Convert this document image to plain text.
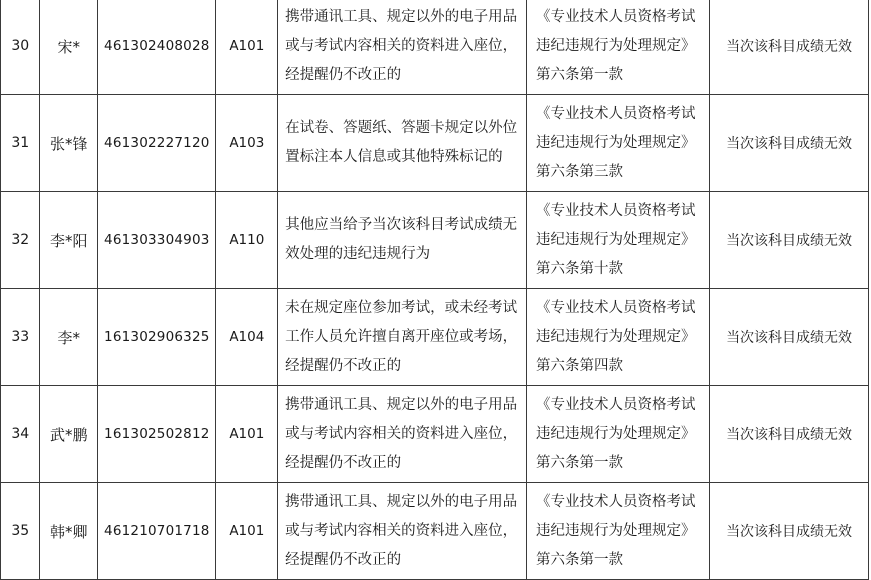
30	宋*	461302408028	A101	携带通讯工具、规定以外的电子用品或与考试内容相关的资料进入座位，经提醒仍不改正的	《专业技术人员资格考试违纪违规行为处理规定》第六条第一款	当次该科目成绩无效
31	张*锋	461302227120	A103	在试卷、答题纸、答题卡规定以外位置标注本人信息或其他特殊标记的	《专业技术人员资格考试违纪违规行为处理规定》第六条第三款	当次该科目成绩无效
32	李*阳	461303304903	A110	其他应当给予当次该科目考试成绩无效处理的违纪违规行为	《专业技术人员资格考试违纪违规行为处理规定》第六条第十款	当次该科目成绩无效
33	李*	161302906325	A104	未在规定座位参加考试，或未经考试工作人员允许擅自离开座位或考场，经提醒仍不改正的	《专业技术人员资格考试违纪违规行为处理规定》第六条第四款	当次该科目成绩无效
34	武*鹏	161302502812	A101	携带通讯工具、规定以外的电子用品或与考试内容相关的资料进入座位，经提醒仍不改正的	《专业技术人员资格考试违纪违规行为处理规定》第六条第一款	当次该科目成绩无效
35	韩*卿	461210701718	A101	携带通讯工具、规定以外的电子用品或与考试内容相关的资料进入座位，经提醒仍不改正的	《专业技术人员资格考试违纪违规行为处理规定》第六条第一款	当次该科目成绩无效
